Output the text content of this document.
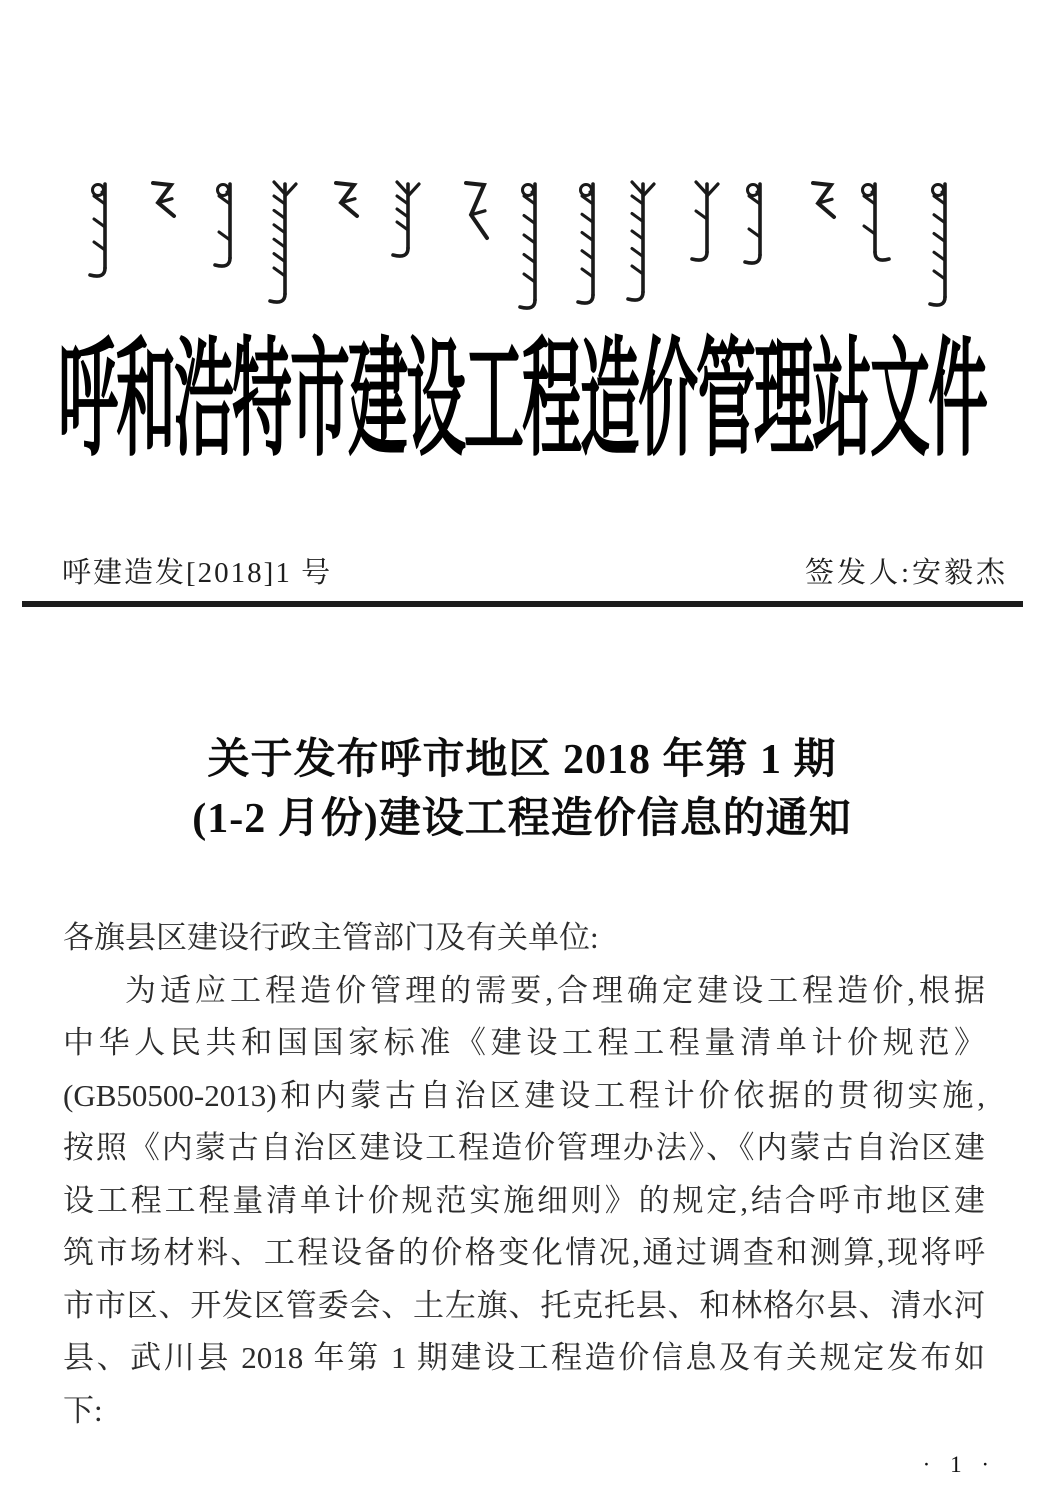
呼和浩特市建设工程造价管理站文件
呼建造发[2018]1 号	签发人:安毅杰
关于发布呼市地区 2018 年第 1 期
(1-2 月份)建设工程造价信息的通知
各旗县区建设行政主管部门及有关单位:
为适应工程造价管理的需要,合理确定建设工程造价,根据
中华人民共和国国家标准《建设工程工程量清单计价规范》
(GB50500-2013)和内蒙古自治区建设工程计价依据的贯彻实施,
按照《内蒙古自治区建设工程造价管理办法》、《内蒙古自治区建
设工程工程量清单计价规范实施细则》的规定,结合呼市地区建
筑市场材料、工程设备的价格变化情况,通过调查和测算,现将呼
市市区、开发区管委会、土左旗、托克托县、和林格尔县、清水河
县、武川县 2018 年第 1 期建设工程造价信息及有关规定发布如
下:
· 1 ·
